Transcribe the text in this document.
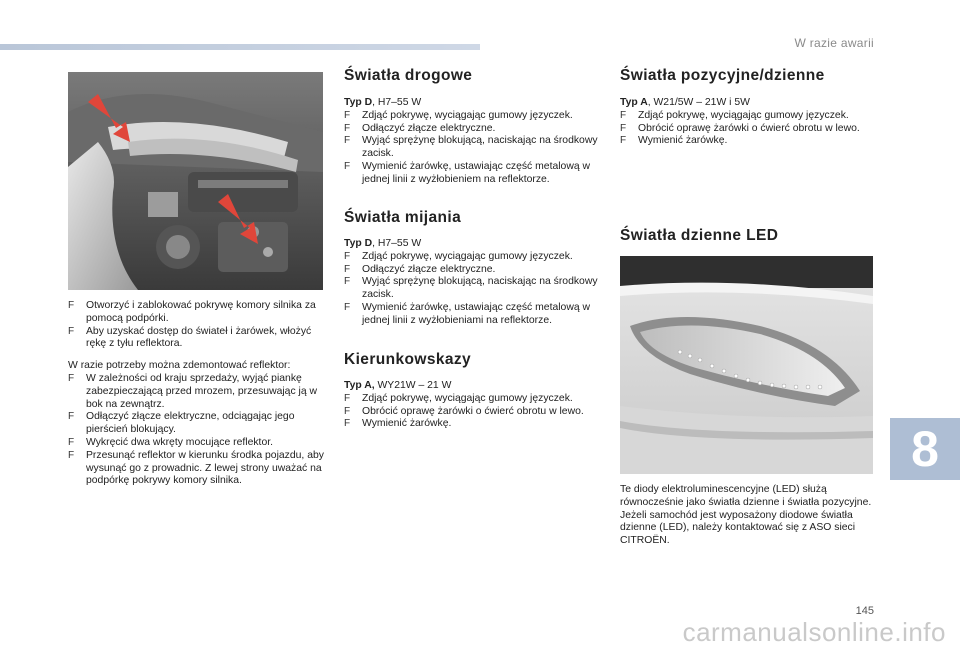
W razie awarii
8
F Otworzyć i zablokować pokrywę komory silnika za pomocą podpórki.
F Aby uzyskać dostęp do świateł i żarówek, włożyć rękę z tyłu reflektora.

W razie potrzeby można zdemontować reflektor:

F W zależności od kraju sprzedaży, wyjąć piankę zabezpieczającą przed mrozem, przesuwając ją w bok na zewnątrz.
F Odłączyć złącze elektryczne, odciągając jego pierścień blokujący.
F Wykręcić dwa wkręty mocujące reflektor.
F Przesunąć reflektor w kierunku środka pojazdu, aby wysunąć go z prowadnic. Z lewej strony uważać na podpórkę pokrywy komory silnika.
Światła drogowe

Typ D, H7–55 W

F Zdjąć pokrywę, wyciągając gumowy języczek.
F Odłączyć złącze elektryczne.
F Wyjąć sprężynę blokującą, naciskając na środkowy zacisk.
F Wymienić żarówkę, ustawiając część metalową w jednej linii z wyżłobieniem na reflektorze.
Światła mijania

Typ D, H7–55 W

F Zdjąć pokrywę, wyciągając gumowy języczek.
F Odłączyć złącze elektryczne.
F Wyjąć sprężynę blokującą, naciskając na środkowy zacisk.
F Wymienić żarówkę, ustawiając część metalową w jednej linii z wyżłobieniami na reflektorze.
Kierunkowskazy

Typ A, WY21W – 21 W

F Zdjąć pokrywę, wyciągając gumowy języczek.
F Obrócić oprawę żarówki o ćwierć obrotu w lewo.
F Wymienić żarówkę.
Światła pozycyjne/dzienne

Typ A, W21/5W – 21W i 5W

F Zdjąć pokrywę, wyciągając gumowy języczek.
F Obrócić oprawę żarówki o ćwierć obrotu w lewo.
F Wymienić żarówkę.
Światła dzienne LED

Te diody elektroluminescencyjne (LED) służą równocześnie jako światła dzienne i światła pozycyjne.

Jeżeli samochód jest wyposażony diodowe światła dzienne (LED), należy kontaktować się z ASO sieci CITROËN.

145
carmanualsonline.info
